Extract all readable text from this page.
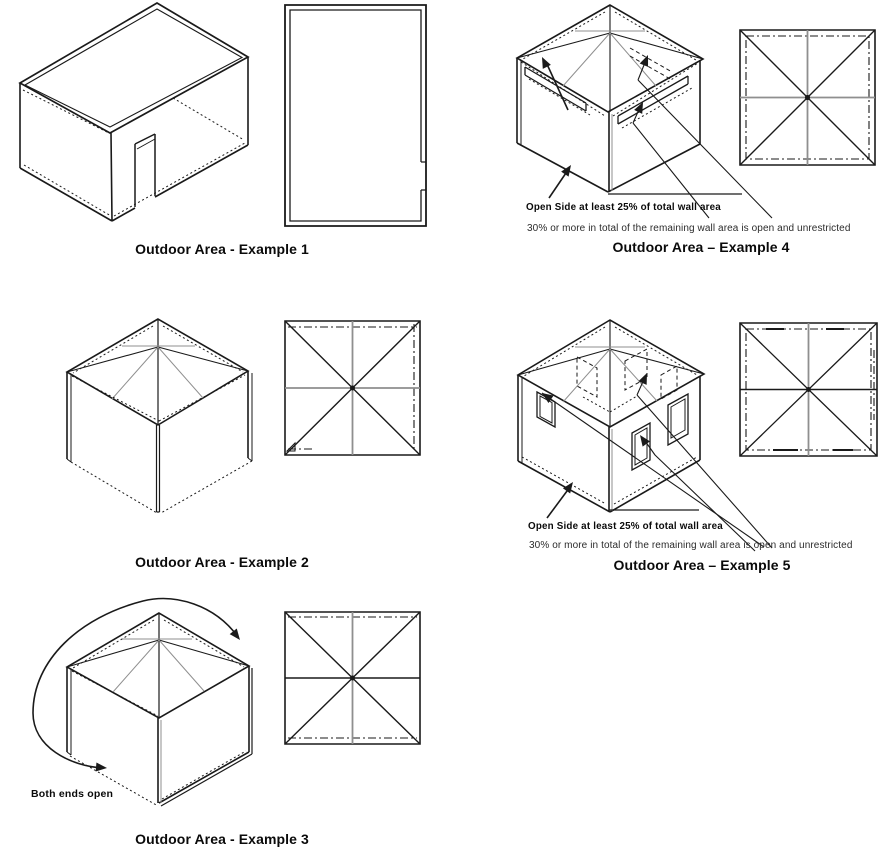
Outdoor Area - Example 1
Open Side at least 25% of total wall area
30% or more in total of the remaining wall area is open and unrestricted
Outdoor Area – Example 4
Outdoor Area - Example 2
Open Side at least 25% of total wall area
30% or more in total of the remaining wall area is open and unrestricted
Outdoor Area – Example 5
Both ends open
Outdoor Area - Example 3
